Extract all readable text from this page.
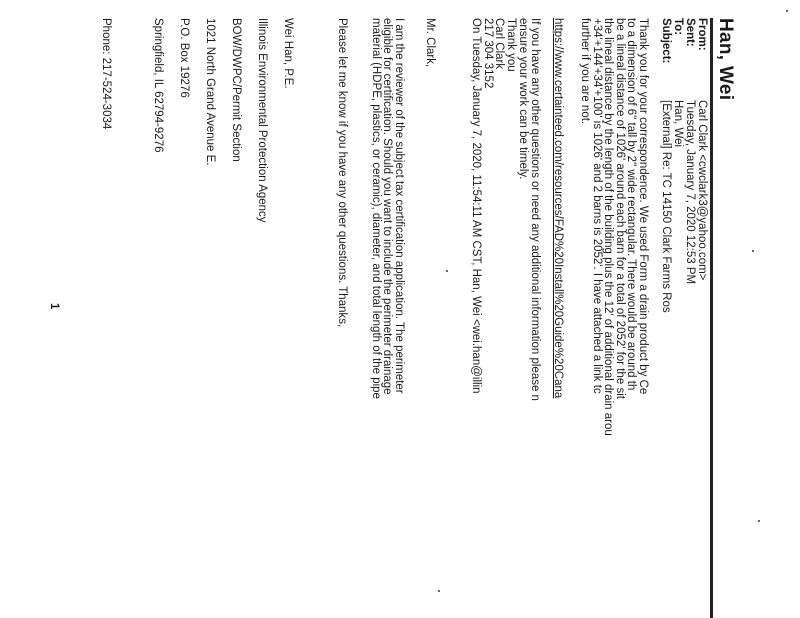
Han, Wei
From:Carl Clark <cwclark3@yahoo.com>
Sent:Tuesday, January 7, 2020 12:53 PM
To:Han, Wei
Subject:[External] Re: TC 14150 Clark Farms Ros
Thank you for your correspondence. We used Form a drain product by Ce
to a dimension of 6" tall by 2" wide rectangular. There would be around th
be a lineal distance of 1026' around each barn for a total of 2052' for the sit
the lineal distance by the length of the building plus the 12' of additional drain arou
+34'+144'+34'+100' is 1026' and 2 barns is 2052'. I have attached a link tc
further if you are not.
https://www.certainteed.com/resources/FAD%20Install%20Guide%20Cana
If you have any other questions or need any additional information please n
ensure your work can be timely.
Thank you
Carl Clark
217 304 3152
On Tuesday, January 7, 2020, 11:54:11 AM CST, Han, Wei <wei.han@illin
Mr. Clark,
I am the reviewer of the subject tax certification application. The perimeter
eligible for certification. Should you want to include the perimeter drainage
material (HDPE, plastics, or ceramic), diameter, and total length of the pipe
Please let me know if you have any other questions. Thanks,
Wei Han, P.E.
Illinois Environmental Protection Agency
BOW/DWPC/Permit Section
1021 North Grand Avenue E.
P.O. Box 19276
Springfield, IL 62794-9276
Phone: 217-524-3034
1
